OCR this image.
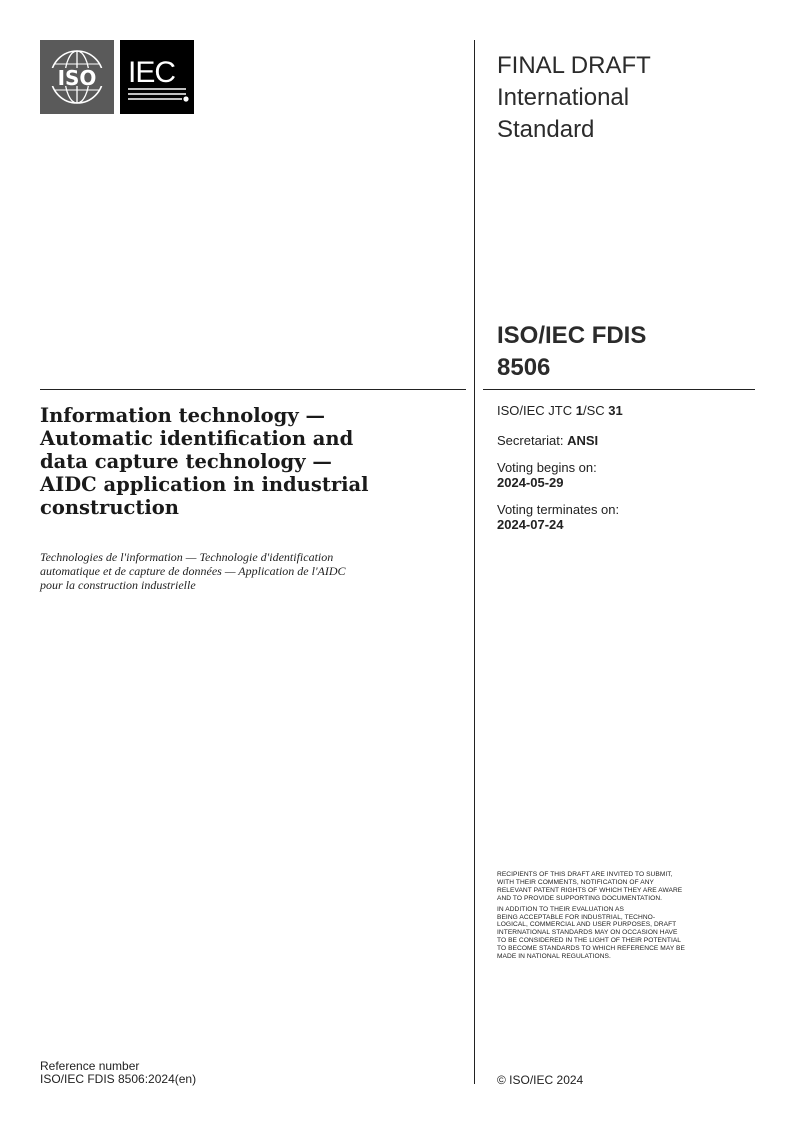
ISO IEC	FINAL DRAFT
International
Standard
ISO/IEC FDIS
8506
ISO/IEC JTC 1/SC 31
Secretariat: ANSI
Voting begins on:
2024-05-29
Voting terminates on:
2024-07-24
Information technology —
Automatic identification and
data capture technology —
AIDC application in industrial
construction
Technologies de l'information — Technologie d'identification
automatique et de capture de données — Application de l'AIDC
pour la construction industrielle
RECIPIENTS OF THIS DRAFT ARE INVITED TO SUBMIT,
WITH THEIR COMMENTS, NOTIFICATION OF ANY
RELEVANT PATENT RIGHTS OF WHICH THEY ARE AWARE
AND TO PROVIDE SUPPORTING DOCUMENTATION.
IN ADDITION TO THEIR EVALUATION AS
BEING ACCEPTABLE FOR INDUSTRIAL, TECHNO-
LOGICAL, COMMERCIAL AND USER PURPOSES, DRAFT
INTERNATIONAL STANDARDS MAY ON OCCASION HAVE
TO BE CONSIDERED IN THE LIGHT OF THEIR POTENTIAL
TO BECOME STANDARDS TO WHICH REFERENCE MAY BE
MADE IN NATIONAL REGULATIONS.
Reference number
ISO/IEC FDIS 8506:2024(en)	© ISO/IEC 2024
